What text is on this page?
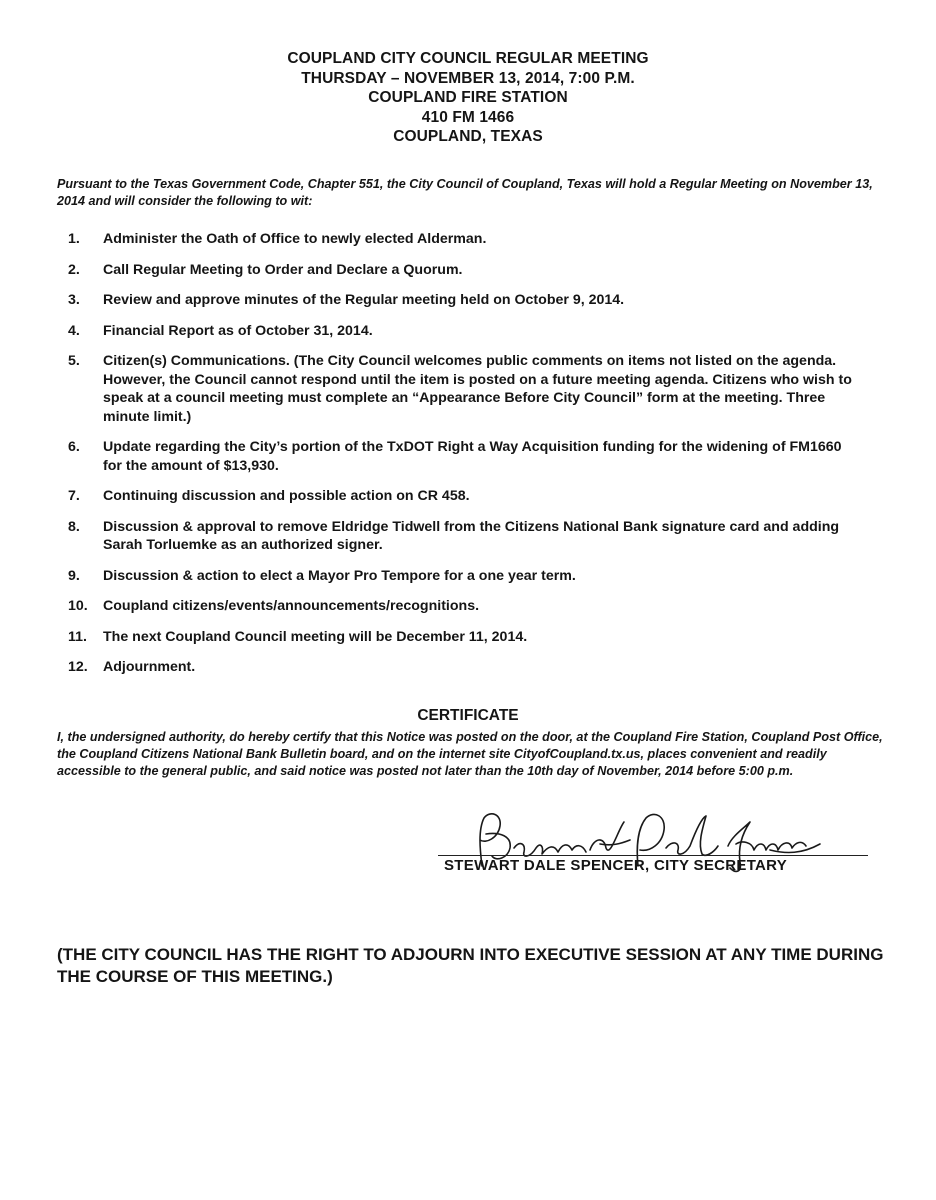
COUPLAND CITY COUNCIL REGULAR MEETING
THURSDAY – NOVEMBER 13, 2014, 7:00 P.M.
COUPLAND FIRE STATION
410 FM 1466
COUPLAND, TEXAS
Pursuant to the Texas Government Code, Chapter 551, the City Council of Coupland, Texas will hold a Regular Meeting on November 13, 2014 and will consider the following to wit:
1.	Administer the Oath of Office to newly elected Alderman.
2.	Call Regular Meeting to Order and Declare a Quorum.
3.	Review and approve minutes of the Regular meeting held on October 9, 2014.
4.	Financial Report as of October 31, 2014.
5.	Citizen(s) Communications. (The City Council welcomes public comments on items not listed on the agenda. However, the Council cannot respond until the item is posted on a future meeting agenda. Citizens who wish to speak at a council meeting must complete an “Appearance Before City Council” form at the meeting. Three minute limit.)
6.	Update regarding the City’s portion of the TxDOT Right a Way Acquisition funding for the widening of FM1660 for the amount of $13,930.
7.	Continuing discussion and possible action on CR 458.
8.	Discussion & approval to remove Eldridge Tidwell from the Citizens National Bank signature card and adding Sarah Torluemke as an authorized signer.
9.	Discussion & action to elect a Mayor Pro Tempore for a one year term.
10.	Coupland citizens/events/announcements/recognitions.
11.	The next Coupland Council meeting will be December 11, 2014.
12.	Adjournment.
CERTIFICATE
I, the undersigned authority, do hereby certify that this Notice was posted on the door, at the Coupland Fire Station, Coupland Post Office, the Coupland Citizens National Bank Bulletin board, and on the internet site CityofCoupland.tx.us, places convenient and readily accessible to the general public, and said notice was posted not later than the 10th day of November, 2014 before 5:00 p.m.
STEWART DALE SPENCER, CITY SECRETARY
(THE CITY COUNCIL HAS THE RIGHT TO ADJOURN INTO EXECUTIVE SESSION AT ANY TIME DURING THE COURSE OF THIS MEETING.)
